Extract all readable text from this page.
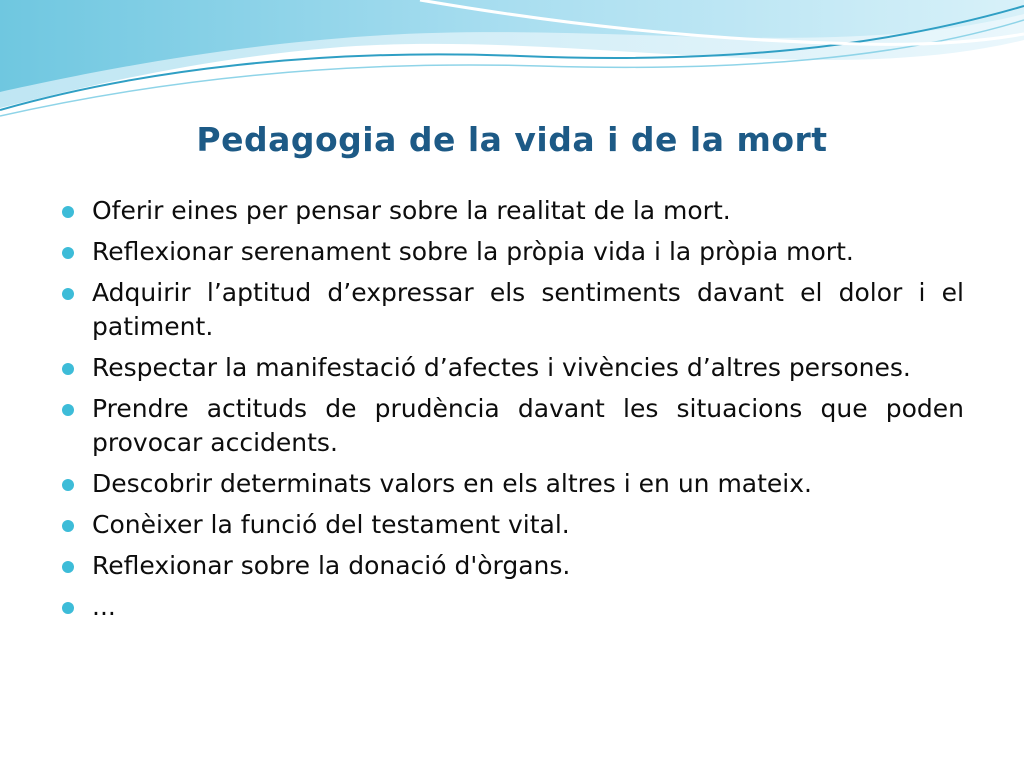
Pedagogia de la vida i de la mort
Oferir eines per pensar sobre la realitat de la mort.
Reflexionar serenament sobre la pròpia vida i la pròpia mort.
Adquirir l’aptitud d’expressar els sentiments davant el dolor i el patiment.
Respectar la manifestació d’afectes i vivències d’altres persones.
Prendre actituds de prudència davant les situacions que poden provocar accidents.
Descobrir determinats valors en els altres i en un mateix.
Conèixer la funció del testament vital.
Reflexionar sobre la donació d'òrgans.
...
